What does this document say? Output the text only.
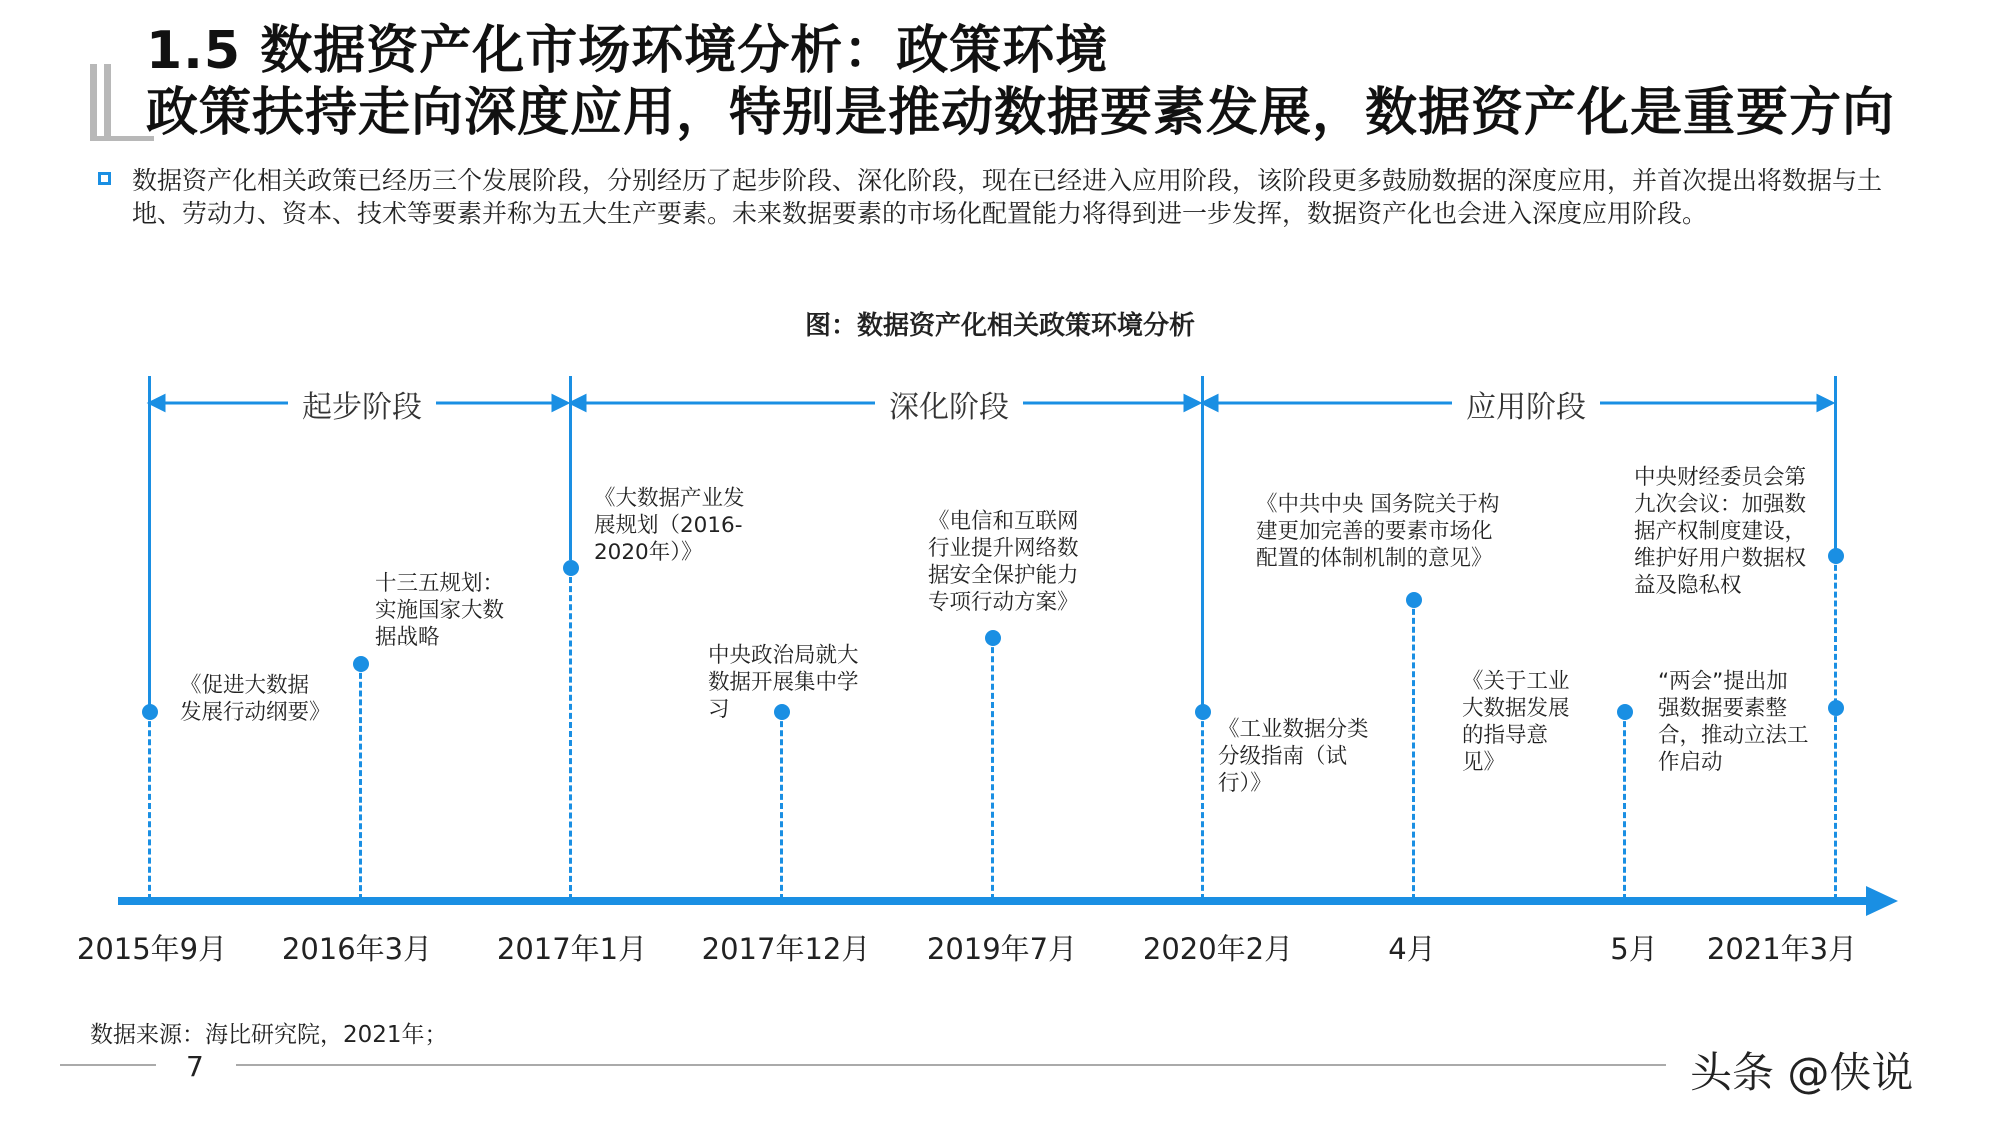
1.5 数据资产化市场环境分析：政策环境
政策扶持走向深度应用，特别是推动数据要素发展，数据资产化是重要方向
数据资产化相关政策已经历三个发展阶段，分别经历了起步阶段、深化阶段，现在已经进入应用阶段，该阶段更多鼓励数据的深度应用，并首次提出将数据与土地、劳动力、资本、技术等要素并称为五大生产要素。未来数据要素的市场化配置能力将得到进一步发挥，数据资产化也会进入深度应用阶段。
图：数据资产化相关政策环境分析
起步阶段	深化阶段	应用阶段
《促进大数据
发展行动纲要》
十三五规划：
实施国家大数
据战略
《大数据产业发
展规划（2016-
2020年）》
中央政治局就大
数据开展集中学
习
《电信和互联网
行业提升网络数
据安全保护能力
专项行动方案》
《工业数据分类
分级指南（试
行）》
《中共中央 国务院关于构
建更加完善的要素市场化
配置的体制机制的意见》
《关于工业
大数据发展
的指导意
见》
“两会”提出加
强数据要素整
合，推动立法工
作启动
中央财经委员会第
九次会议：加强数
据产权制度建设，
维护好用户数据权
益及隐私权
2015年9月 2016年3月 2017年1月 2017年12月 2019年7月 2020年2月	4月	5月 2021年3月
数据来源：海比研究院，2021年；
7	头条 @侠说
